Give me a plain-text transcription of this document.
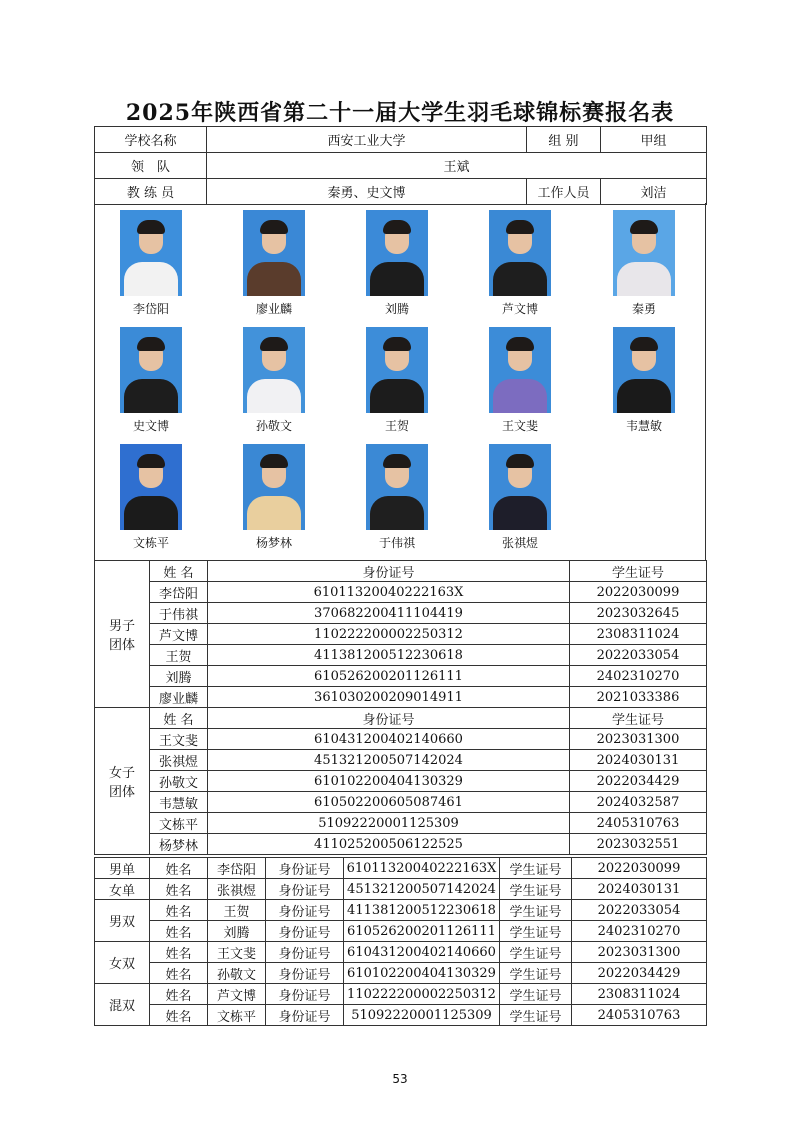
2025年陕西省第二十一届大学生羽毛球锦标赛报名表
学校名称	西安工业大学	组 别	甲组
领　队	王斌		
教 练 员	秦勇、史文博	工作人员	刘洁
李岱阳	廖业麟	刘腾	芦文博	秦勇
史文博	孙敬文	王贺	王文斐	韦慧敏
文栋平	杨梦林	于伟祺	张祺煜
男子
团体	姓 名	身份证号	学生证号
	李岱阳	61011320040222163X	2022030099
	于伟祺	370682200411104419	2023032645
	芦文博	110222200002250312	2308311024
	王贺	411381200512230618	2022033054
	刘腾	610526200201126111	2402310270
	廖业麟	361030200209014911	2021033386
女子
团体	姓 名	身份证号	学生证号
	王文斐	610431200402140660	2023031300
	张祺煜	451321200507142024	2024030131
	孙敬文	610102200404130329	2022034429
	韦慧敏	610502200605087461	2024032587
	文栋平	51092220001125309	2405310763
	杨梦林	411025200506122525	2023032551
男单	姓名	李岱阳	身份证号	61011320040222163X	学生证号	2022030099
女单	姓名	张祺煜	身份证号	451321200507142024	学生证号	2024030131
男双	姓名	王贺	身份证号	411381200512230618	学生证号	2022033054
	姓名	刘腾	身份证号	610526200201126111	学生证号	2402310270
女双	姓名	王文斐	身份证号	610431200402140660	学生证号	2023031300
	姓名	孙敬文	身份证号	610102200404130329	学生证号	2022034429
混双	姓名	芦文博	身份证号	110222200002250312	学生证号	2308311024
	姓名	文栋平	身份证号	51092220001125309	学生证号	2405310763
53
